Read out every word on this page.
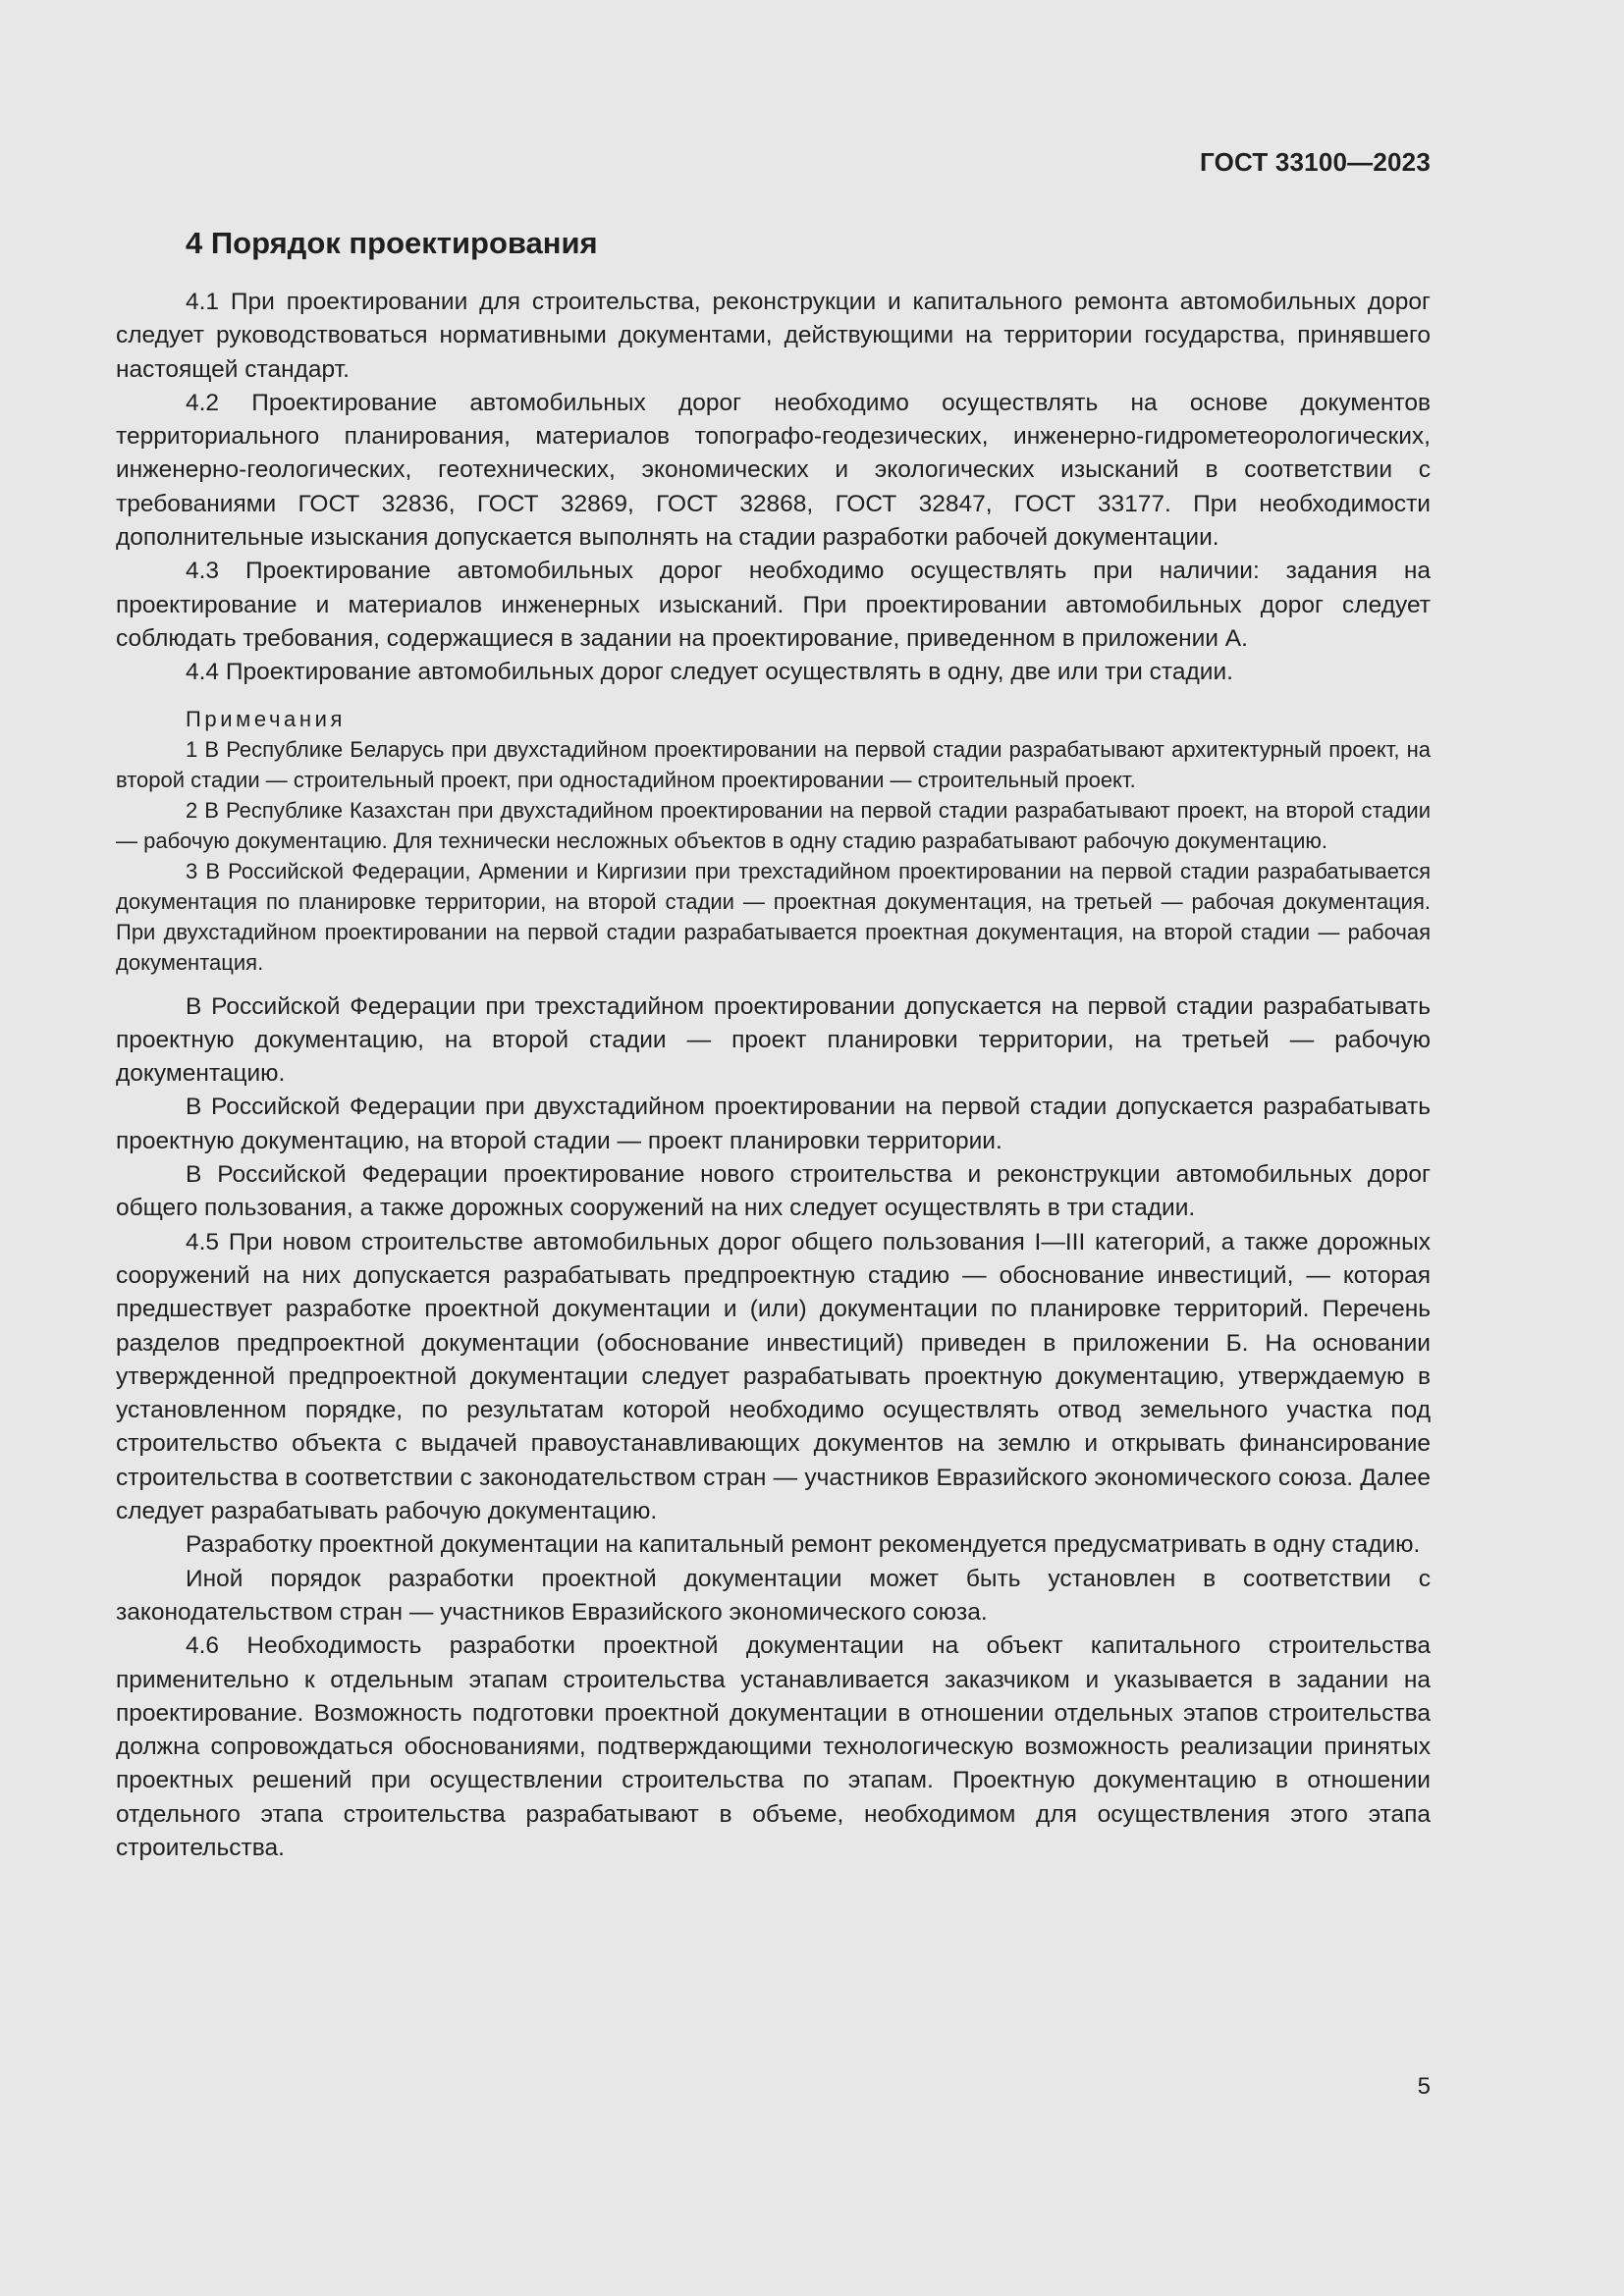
ГОСТ 33100—2023
4 Порядок проектирования

4.1 При проектировании для строительства, реконструкции и капитального ремонта автомобильных дорог следует руководствоваться нормативными документами, действующими на территории государства, принявшего настоящей стандарт.

4.2 Проектирование автомобильных дорог необходимо осуществлять на основе документов территориального планирования, материалов топографо-геодезических, инженерно-гидрометеорологических, инженерно-геологических, геотехнических, экономических и экологических изысканий в соответствии с требованиями ГОСТ 32836, ГОСТ 32869, ГОСТ 32868, ГОСТ 32847, ГОСТ 33177. При необходимости дополнительные изыскания допускается выполнять на стадии разработки рабочей документации.

4.3 Проектирование автомобильных дорог необходимо осуществлять при наличии: задания на проектирование и материалов инженерных изысканий. При проектировании автомобильных дорог следует соблюдать требования, содержащиеся в задании на проектирование, приведенном в приложении А.

4.4 Проектирование автомобильных дорог следует осуществлять в одну, две или три стадии.

Примечания

1 В Республике Беларусь при двухстадийном проектировании на первой стадии разрабатывают архитектурный проект, на второй стадии — строительный проект, при одностадийном проектировании — строительный проект.

2 В Республике Казахстан при двухстадийном проектировании на первой стадии разрабатывают проект, на второй стадии — рабочую документацию. Для технически несложных объектов в одну стадию разрабатывают рабочую документацию.

3 В Российской Федерации, Армении и Киргизии при трехстадийном проектировании на первой стадии разрабатывается документация по планировке территории, на второй стадии — проектная документация, на третьей — рабочая документация. При двухстадийном проектировании на первой стадии разрабатывается проектная документация, на второй стадии — рабочая документация.

В Российской Федерации при трехстадийном проектировании допускается на первой стадии разрабатывать проектную документацию, на второй стадии — проект планировки территории, на третьей — рабочую документацию.

В Российской Федерации при двухстадийном проектировании на первой стадии допускается разрабатывать проектную документацию, на второй стадии — проект планировки территории.

В Российской Федерации проектирование нового строительства и реконструкции автомобильных дорог общего пользования, а также дорожных сооружений на них следует осуществлять в три стадии.

4.5 При новом строительстве автомобильных дорог общего пользования I—III категорий, а также дорожных сооружений на них допускается разрабатывать предпроектную стадию — обоснование инвестиций, — которая предшествует разработке проектной документации и (или) документации по планировке территорий. Перечень разделов предпроектной документации (обоснование инвестиций) приведен в приложении Б. На основании утвержденной предпроектной документации следует разрабатывать проектную документацию, утверждаемую в установленном порядке, по результатам которой необходимо осуществлять отвод земельного участка под строительство объекта с выдачей правоустанавливающих документов на землю и открывать финансирование строительства в соответствии с законодательством стран — участников Евразийского экономического союза. Далее следует разрабатывать рабочую документацию.

Разработку проектной документации на капитальный ремонт рекомендуется предусматривать в одну стадию.

Иной порядок разработки проектной документации может быть установлен в соответствии с законодательством стран — участников Евразийского экономического союза.

4.6 Необходимость разработки проектной документации на объект капитального строительства применительно к отдельным этапам строительства устанавливается заказчиком и указывается в задании на проектирование. Возможность подготовки проектной документации в отношении отдельных этапов строительства должна сопровождаться обоснованиями, подтверждающими технологическую возможность реализации принятых проектных решений при осуществлении строительства по этапам. Проектную документацию в отношении отдельного этапа строительства разрабатывают в объеме, необходимом для осуществления этого этапа строительства.

5
